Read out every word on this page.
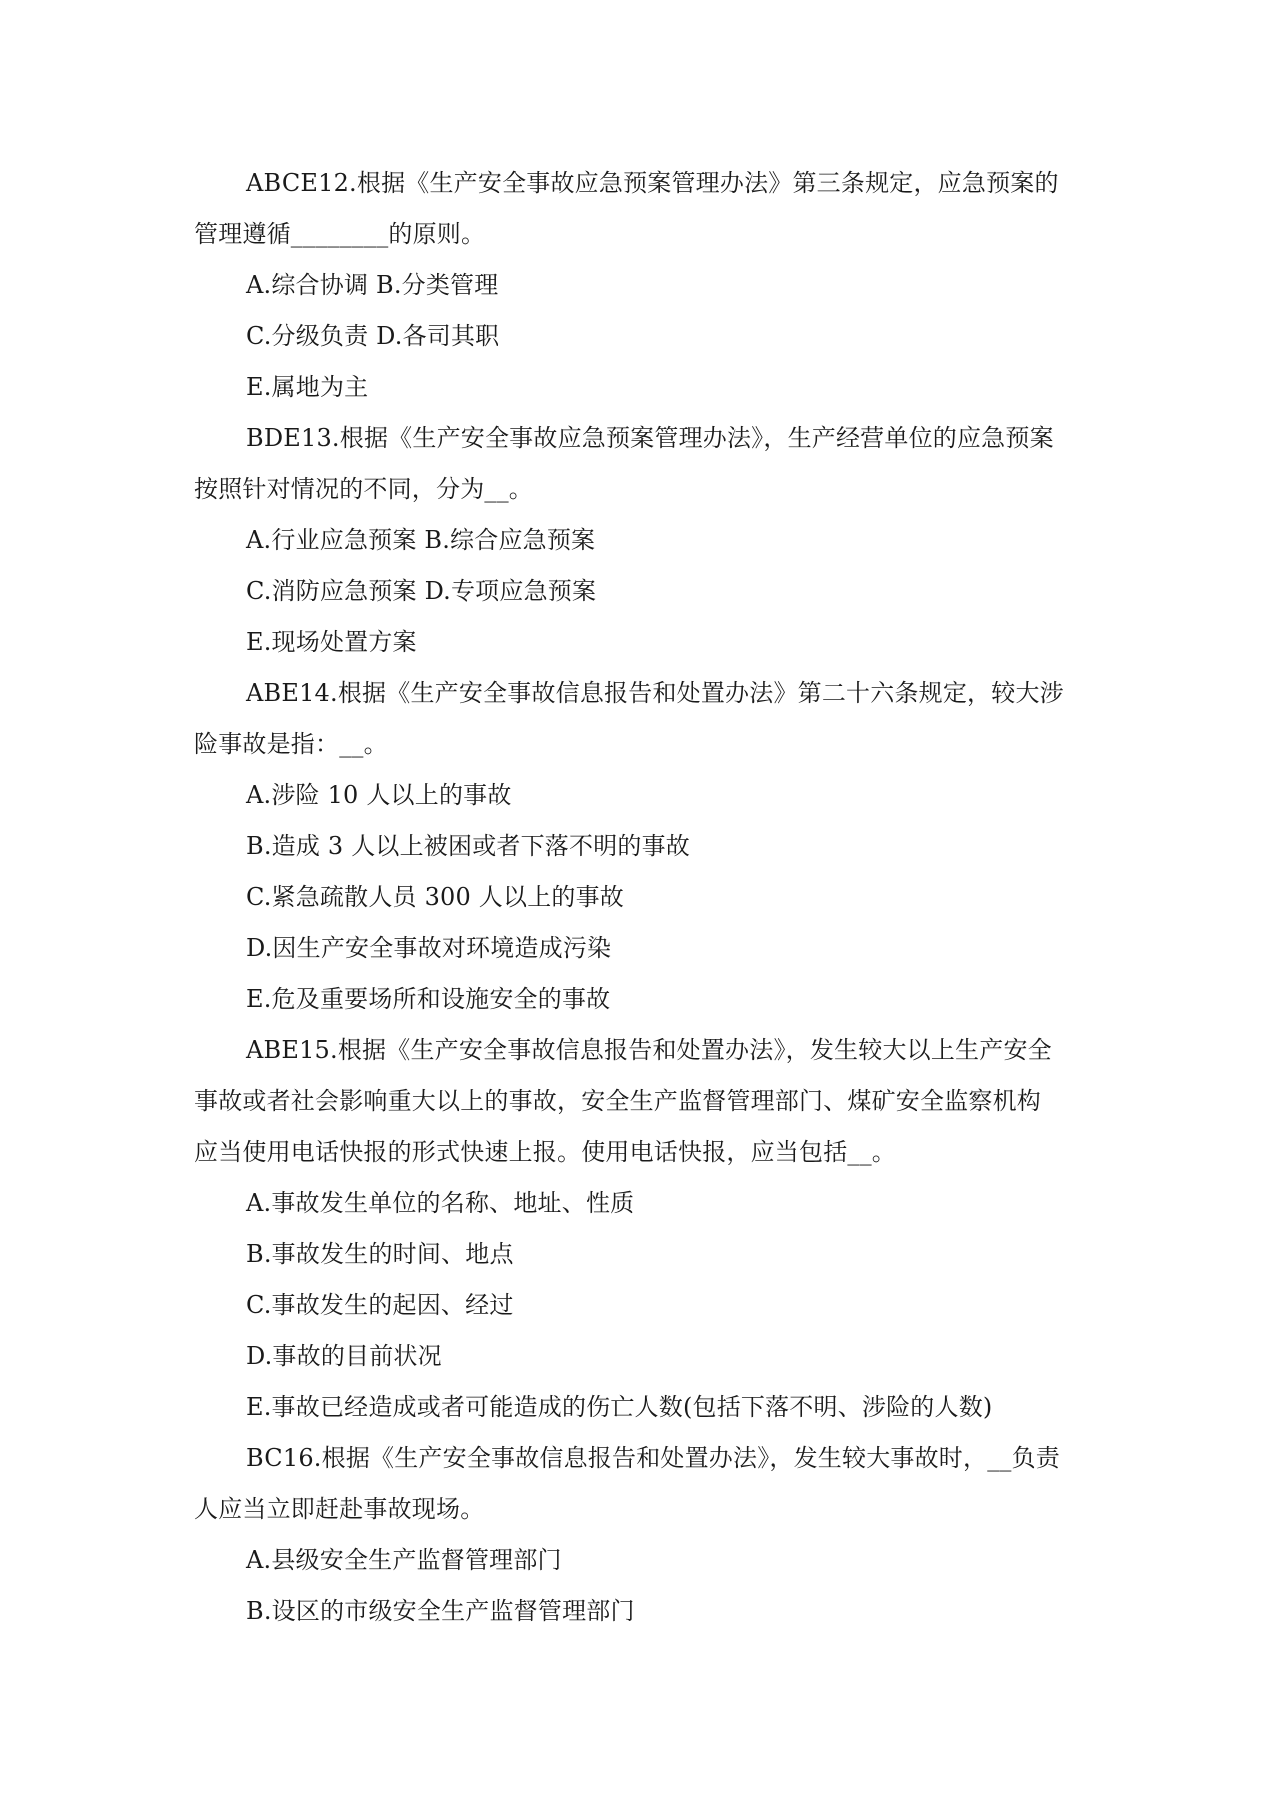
ABCE12.根据《生产安全事故应急预案管理办法》第三条规定，应急预案的
管理遵循________的原则。
A.综合协调 B.分类管理
C.分级负责 D.各司其职
E.属地为主
BDE13.根据《生产安全事故应急预案管理办法》，生产经营单位的应急预案
按照针对情况的不同，分为__。
A.行业应急预案 B.综合应急预案
C.消防应急预案 D.专项应急预案
E.现场处置方案
ABE14.根据《生产安全事故信息报告和处置办法》第二十六条规定，较大涉
险事故是指：__。
A.涉险 10 人以上的事故
B.造成 3 人以上被困或者下落不明的事故
C.紧急疏散人员 300 人以上的事故
D.因生产安全事故对环境造成污染
E.危及重要场所和设施安全的事故
ABE15.根据《生产安全事故信息报告和处置办法》，发生较大以上生产安全
事故或者社会影响重大以上的事故，安全生产监督管理部门、煤矿安全监察机构
应当使用电话快报的形式快速上报。使用电话快报，应当包括__。
A.事故发生单位的名称、地址、性质
B.事故发生的时间、地点
C.事故发生的起因、经过
D.事故的目前状况
E.事故已经造成或者可能造成的伤亡人数(包括下落不明、涉险的人数)
BC16.根据《生产安全事故信息报告和处置办法》，发生较大事故时，__负责
人应当立即赶赴事故现场。
A.县级安全生产监督管理部门
B.设区的市级安全生产监督管理部门
